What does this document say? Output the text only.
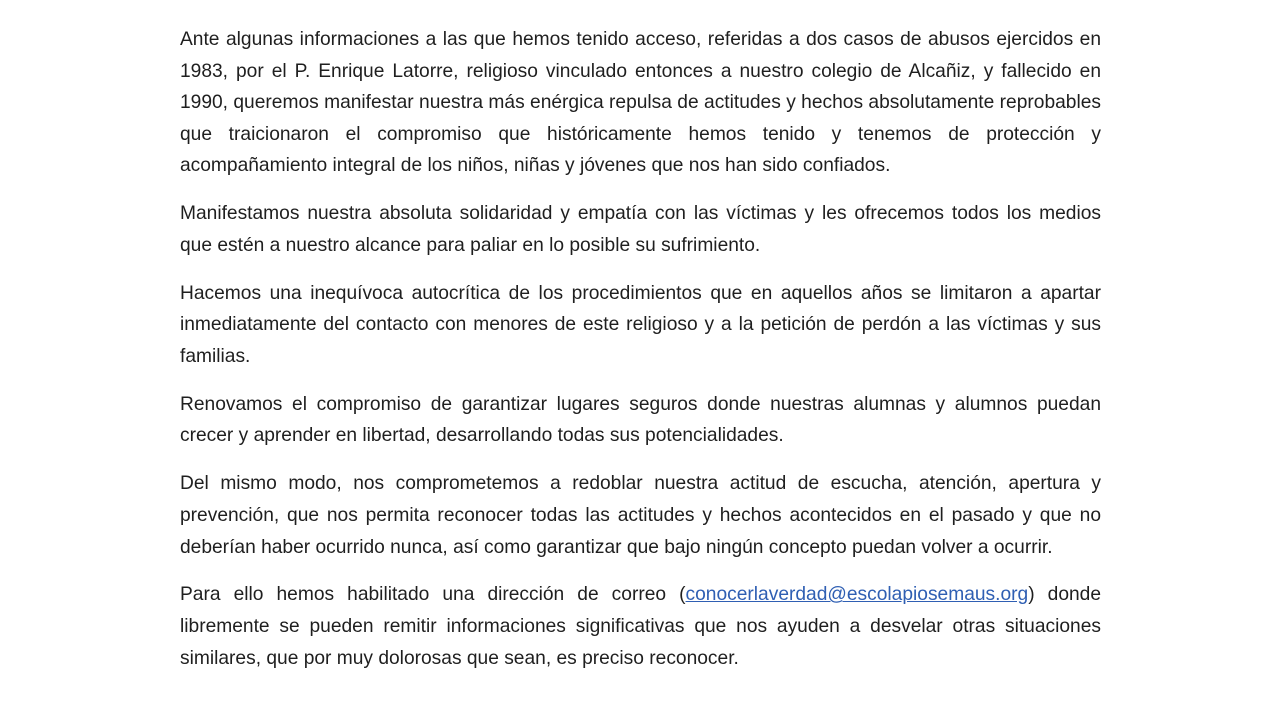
Ante algunas informaciones a las que hemos tenido acceso, referidas a dos casos de abusos ejercidos en 1983, por el P. Enrique Latorre, religioso vinculado entonces a nuestro colegio de Alcañiz, y fallecido en 1990, queremos manifestar nuestra más enérgica repulsa de actitudes y hechos absolutamente reprobables que traicionaron el compromiso que históricamente hemos tenido y tenemos de protección y acompañamiento integral de los niños, niñas y jóvenes que nos han sido confiados.

Manifestamos nuestra absoluta solidaridad y empatía con las víctimas y les ofrecemos todos los medios que estén a nuestro alcance para paliar en lo posible su sufrimiento.

Hacemos una inequívoca autocrítica de los procedimientos que en aquellos años se limitaron a apartar inmediatamente del contacto con menores de este religioso y a la petición de perdón a las víctimas y sus familias.

Renovamos el compromiso de garantizar lugares seguros donde nuestras alumnas y alumnos puedan crecer y aprender en libertad, desarrollando todas sus potencialidades.

Del mismo modo, nos comprometemos a redoblar nuestra actitud de escucha, atención, apertura y prevención, que nos permita reconocer todas las actitudes y hechos acontecidos en el pasado y que no deberían haber ocurrido nunca, así como garantizar que bajo ningún concepto puedan volver a ocurrir.

Para ello hemos habilitado una dirección de correo (conocerlaverdad@escolapiosemaus.org) donde libremente se pueden remitir informaciones significativas que nos ayuden a desvelar otras situaciones similares, que por muy dolorosas que sean, es preciso reconocer.
